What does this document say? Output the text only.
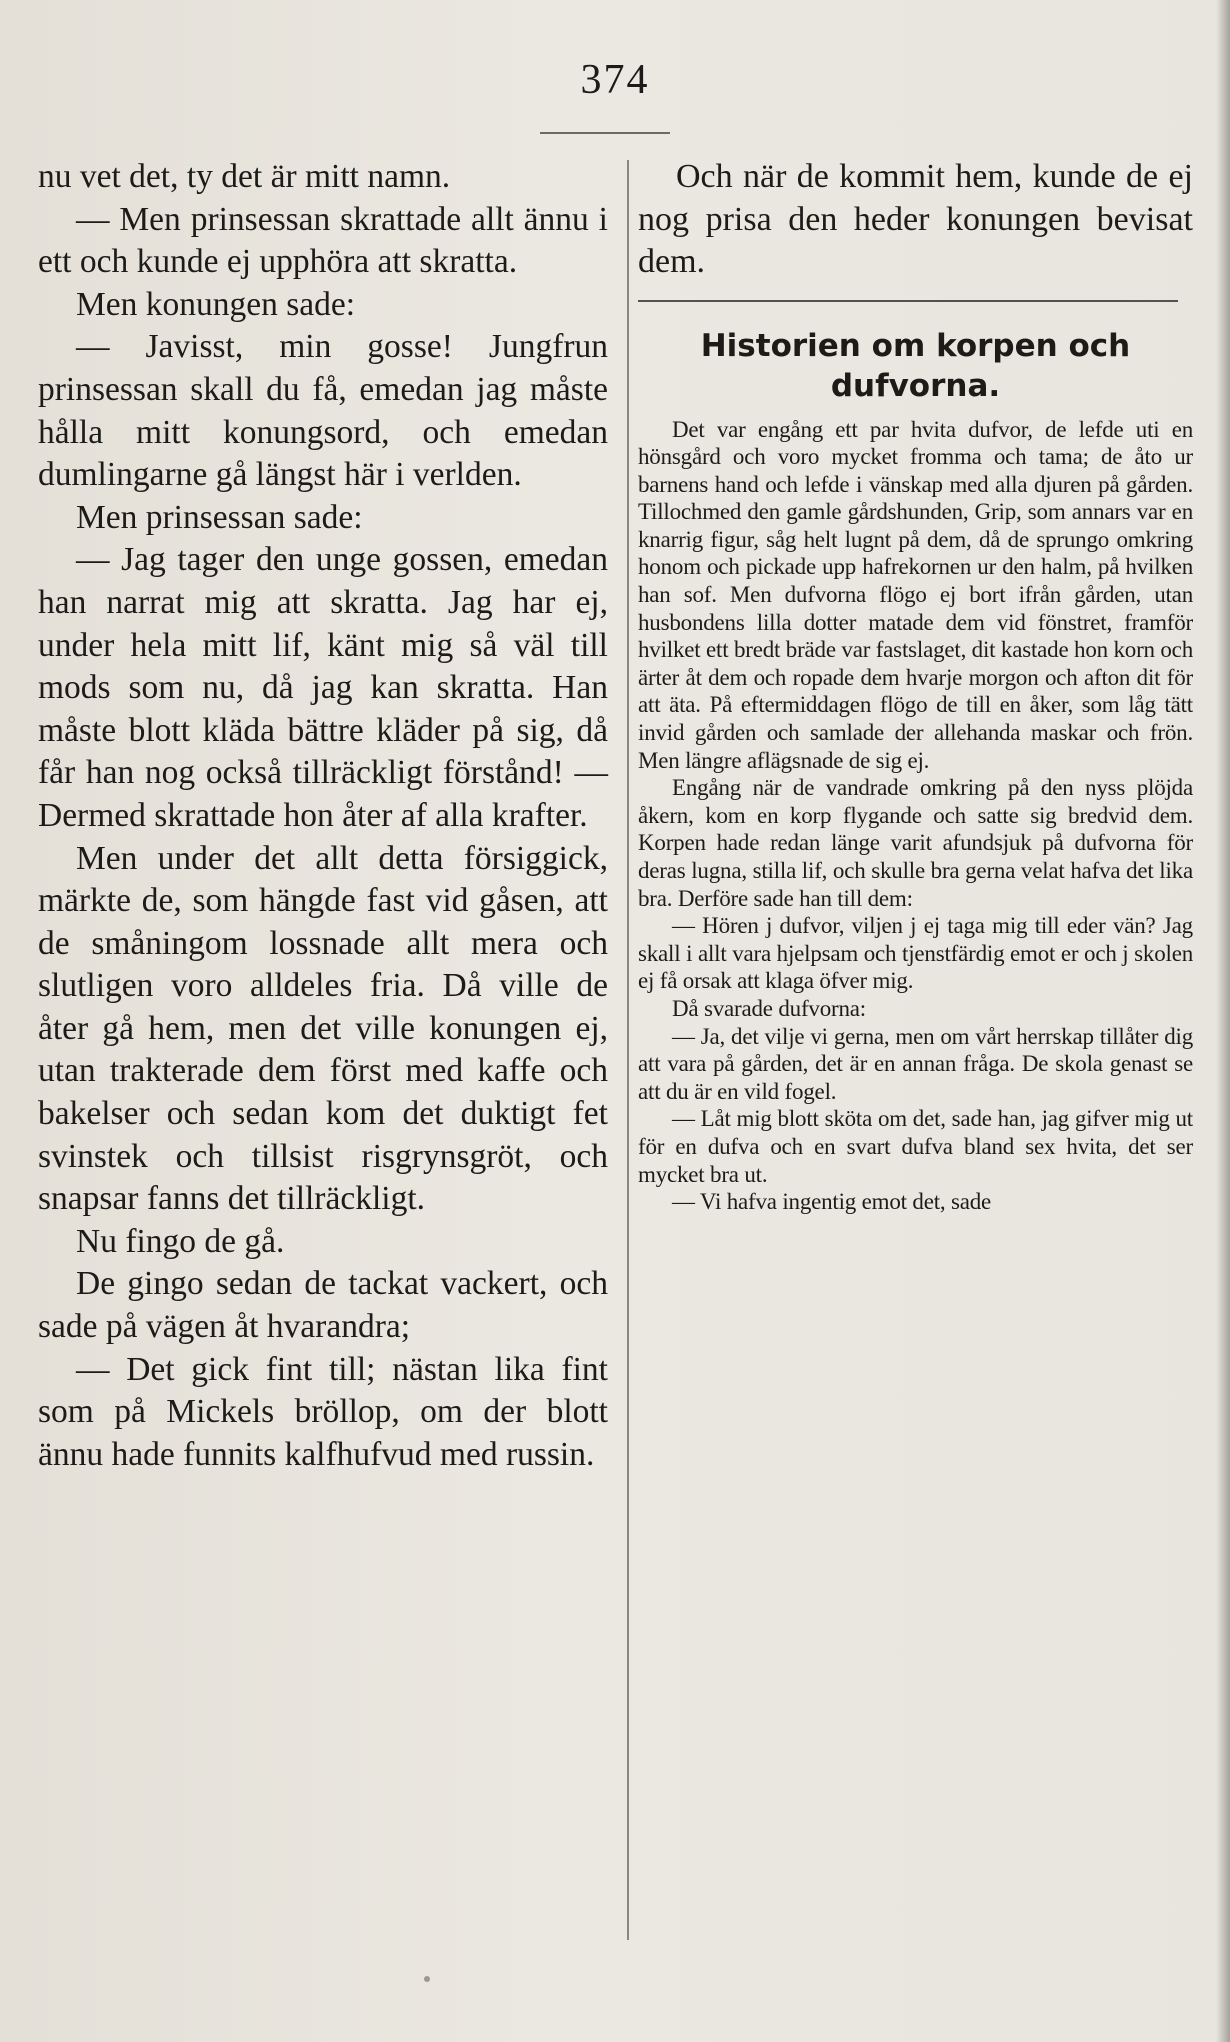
374

nu vet det, ty det är mitt namn.

— Men prinsessan skrattade allt ännu i ett och kunde ej upphöra att skratta.

Men konungen sade:

— Javisst, min gosse! Jungfrun prinsessan skall du få, emedan jag måste hålla mitt konungsord, och emedan dumlingarne gå längst här i verlden.

Men prinsessan sade:

— Jag tager den unge gossen, emedan han narrat mig att skratta. Jag har ej, under hela mitt lif, känt mig så väl till mods som nu, då jag kan skratta. Han måste blott kläda bättre kläder på sig, då får han nog också tillräckligt förstånd! — Dermed skrattade hon åter af alla krafter.

Men under det allt detta försiggick, märkte de, som hängde fast vid gåsen, att de småningom lossnade allt mera och slutligen voro alldeles fria. Då ville de åter gå hem, men det ville konungen ej, utan trakterade dem först med kaffe och bakelser och sedan kom det duktigt fet svinstek och tillsist risgrynsgröt, och snapsar fanns det tillräckligt.

Nu fingo de gå.

De gingo sedan de tackat vackert, och sade på vägen åt hvarandra;

— Det gick fint till; nästan lika fint som på Mickels bröllop, om der blott ännu hade funnits kalfhufvud med russin.

Och när de kommit hem, kunde de ej nog prisa den heder konungen bevisat dem.

Historien om korpen och dufvorna.

Det var engång ett par hvita dufvor, de lefde uti en hönsgård och voro mycket fromma och tama; de åto ur barnens hand och lefde i vänskap med alla djuren på gården. Tillochmed den gamle gårdshunden, Grip, som annars var en knarrig figur, såg helt lugnt på dem, då de sprungo omkring honom och pickade upp hafrekornen ur den halm, på hvilken han sof. Men dufvorna flögo ej bort ifrån gården, utan husbondens lilla dotter matade dem vid fönstret, framför hvilket ett bredt bräde var fastslaget, dit kastade hon korn och ärter åt dem och ropade dem hvarje morgon och afton dit för att äta. På eftermiddagen flögo de till en åker, som låg tätt invid gården och samlade der allehanda maskar och frön. Men längre aflägsnade de sig ej.

Engång när de vandrade omkring på den nyss plöjda åkern, kom en korp flygande och satte sig bredvid dem. Korpen hade redan länge varit afundsjuk på dufvorna för deras lugna, stilla lif, och skulle bra gerna velat hafva det lika bra. Derföre sade han till dem:

— Hören j dufvor, viljen j ej taga mig till eder vän? Jag skall i allt vara hjelpsam och tjenstfärdig emot er och j skolen ej få orsak att klaga öfver mig.

Då svarade dufvorna:

— Ja, det vilje vi gerna, men om vårt herrskap tillåter dig att vara på gården, det är en annan fråga. De skola genast se att du är en vild fogel.

— Låt mig blott sköta om det, sade han, jag gifver mig ut för en dufva och en svart dufva bland sex hvita, det ser mycket bra ut.

— Vi hafva ingentig emot det, sade
